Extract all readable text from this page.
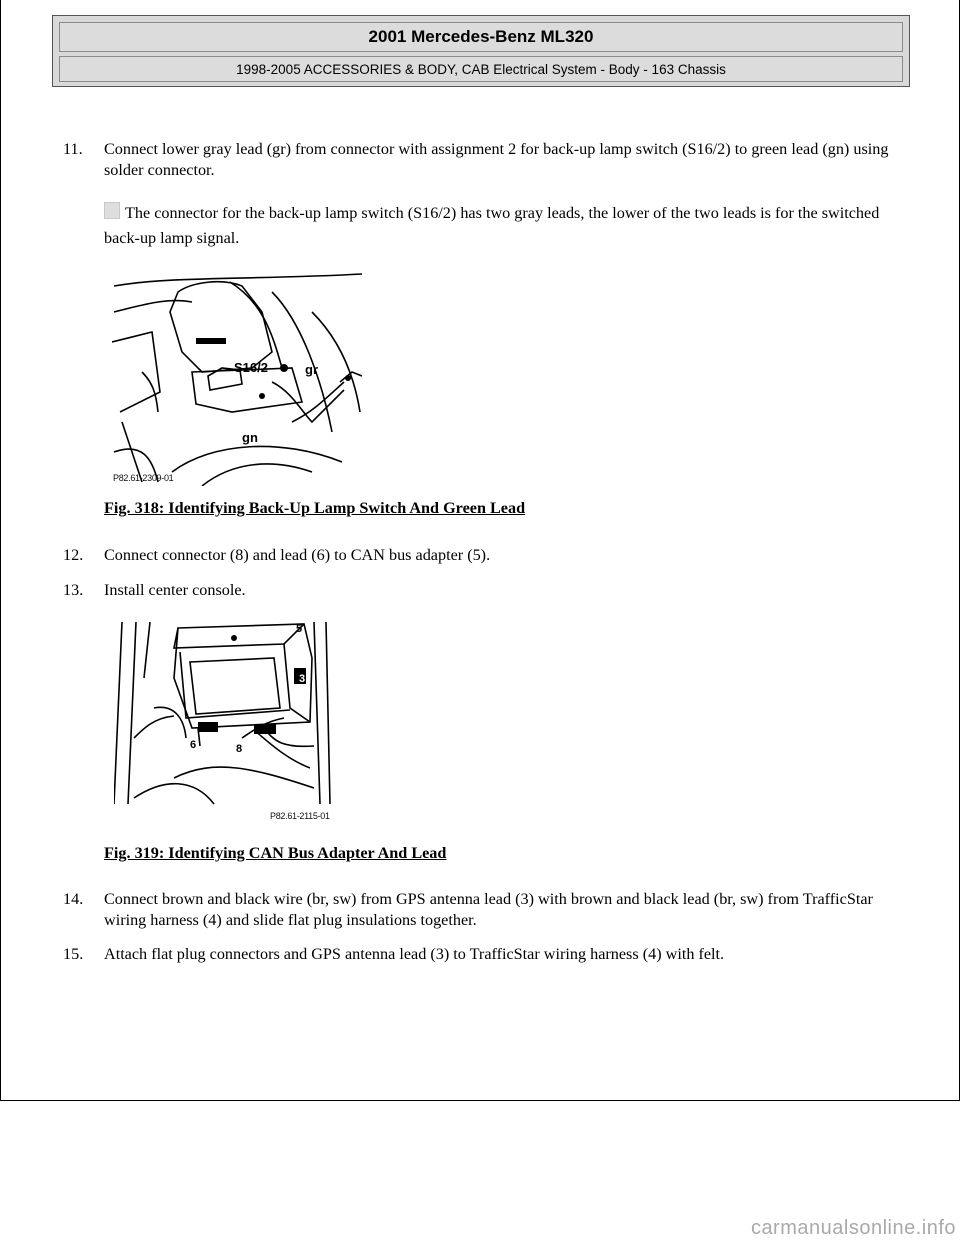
2001 Mercedes-Benz ML320
1998-2005 ACCESSORIES & BODY, CAB Electrical System - Body - 163 Chassis
11.	Connect lower gray lead (gr) from connector with assignment 2 for back-up lamp switch (S16/2) to green lead (gn) using solder connector.
The connector for the back-up lamp switch (S16/2) has two gray leads, the lower of the two leads is for the switched back-up lamp signal.
S16/2	gr
gn
P82.61-2309-01
Fig. 318: Identifying Back-Up Lamp Switch And Green Lead
12.	Connect connector (8) and lead (6) to CAN bus adapter (5).
13.	Install center console.
5
3
6	8
P82.61-2115-01
Fig. 319: Identifying CAN Bus Adapter And Lead
14.	Connect brown and black wire (br, sw) from GPS antenna lead (3) with brown and black lead (br, sw) from TrafficStar wiring harness (4) and slide flat plug insulations together.
15.	Attach flat plug connectors and GPS antenna lead (3) to TrafficStar wiring harness (4) with felt.
carmanualsonline.info
